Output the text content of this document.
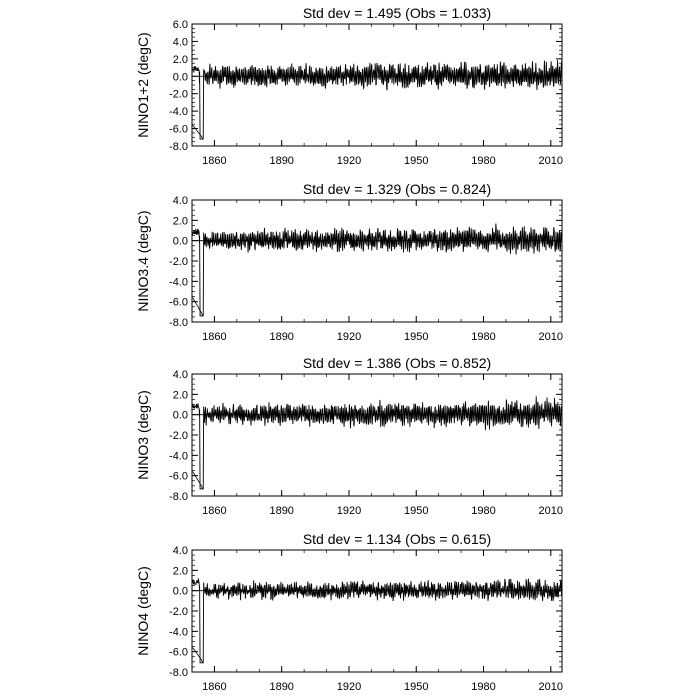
Std dev = 1.495 (Obs = 1.033)
NINO1+2 (degC)
6.0
4.0
2.0
0.0
-2.0
-4.0
-6.0
-8.0
1860	1890	1920	1950	1980	2010
Std dev = 1.329 (Obs = 0.824)
NINO3.4 (degC)
4.0
2.0
0.0
-2.0
-4.0
-6.0
-8.0
1860	1890	1920	1950	1980	2010
Std dev = 1.386 (Obs = 0.852)
NINO3 (degC)
4.0
2.0
0.0
-2.0
-4.0
-6.0
-8.0
1860	1890	1920	1950	1980	2010
Std dev = 1.134 (Obs = 0.615)
NINO4 (degC)
4.0
2.0
0.0
-2.0
-4.0
-6.0
-8.0
1860	1890	1920	1950	1980	2010
